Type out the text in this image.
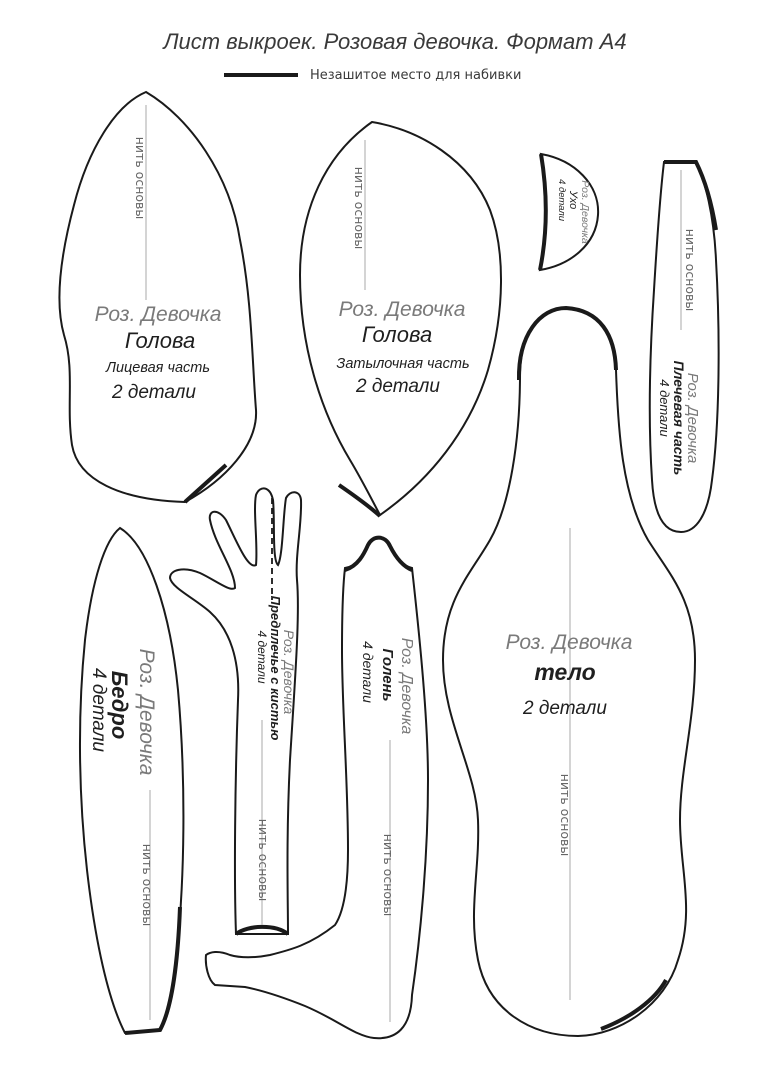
Лист выкроек. Розовая девочка. Формат А4
Незашитое место для набивки
нить основы
Роз. Девочка
Голова
Лицевая часть
2 детали
нить основы
Роз. Девочка
Голова
Затылочная часть
2 детали
Роз. Девочка
Ухо
4 детали
нить основы
Роз. Девочка
Плечевая часть
4 детали
нить основы
Роз. Девочка
тело
2 детали
нить основы
Роз. Девочка
Бедро
4 детали
нить основы
Роз. Девочка
Предплечье с кистью
4 детали
нить основы
Роз. Девочка
Голень
4 детали
